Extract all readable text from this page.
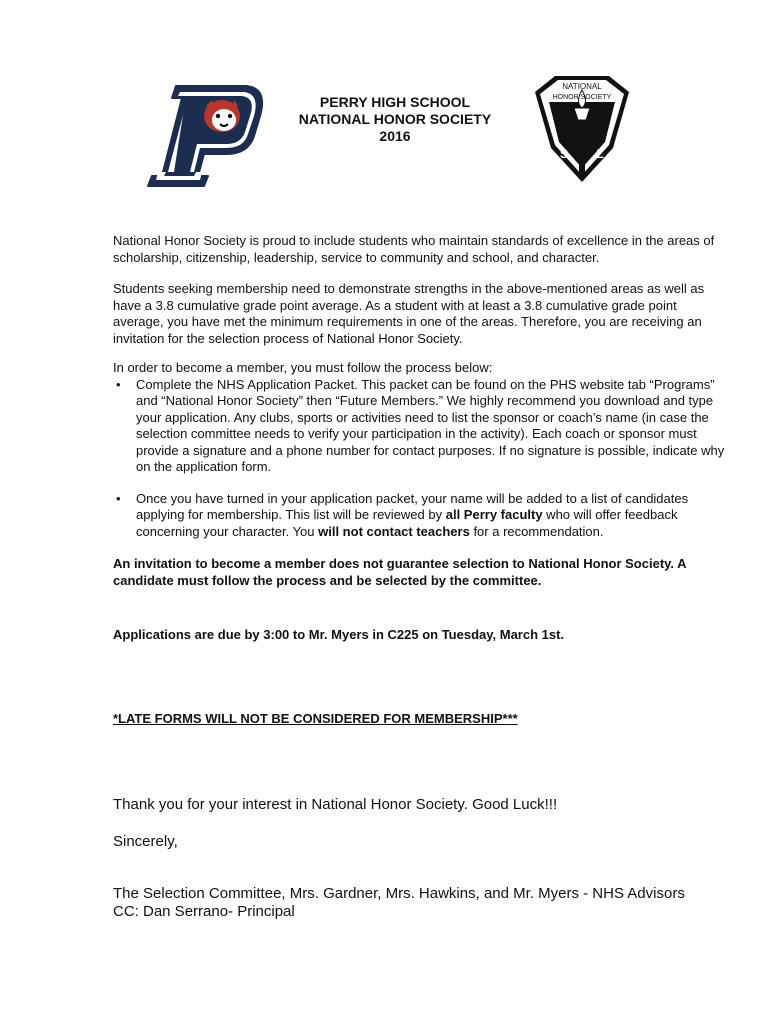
PERRY HIGH SCHOOL
NATIONAL HONOR SOCIETY
2016
NATIONAL
HONOR SOCIETY
S L

National Honor Society is proud to include students who maintain standards of excellence in the areas of scholarship, citizenship, leadership, service to community and school, and character.

Students seeking membership need to demonstrate strengths in the above-mentioned areas as well as have a 3.8 cumulative grade point average. As a student with at least a 3.8 cumulative grade point average, you have met the minimum requirements in one of the areas. Therefore, you are receiving an invitation for the selection process of National Honor Society.

In order to become a member, you must follow the process below:

• Complete the NHS Application Packet. This packet can be found on the PHS website tab “Programs” and “National Honor Society” then “Future Members.” We highly recommend you download and type your application. Any clubs, sports or activities need to list the sponsor or coach’s name (in case the selection committee needs to verify your participation in the activity). Each coach or sponsor must provide a signature and a phone number for contact purposes. If no signature is possible, indicate why on the application form.
• Once you have turned in your application packet, your name will be added to a list of candidates applying for membership. This list will be reviewed by all Perry faculty who will offer feedback concerning your character. You will not contact teachers for a recommendation.

An invitation to become a member does not guarantee selection to National Honor Society. A candidate must follow the process and be selected by the committee.

Applications are due by 3:00 to Mr. Myers in C225 on Tuesday, March 1st.
*LATE FORMS WILL NOT BE CONSIDERED FOR MEMBERSHIP***
Thank you for your interest in National Honor Society. Good Luck!!!
Sincerely,
The Selection Committee, Mrs. Gardner, Mrs. Hawkins, and Mr. Myers - NHS Advisors
CC: Dan Serrano- Principal
